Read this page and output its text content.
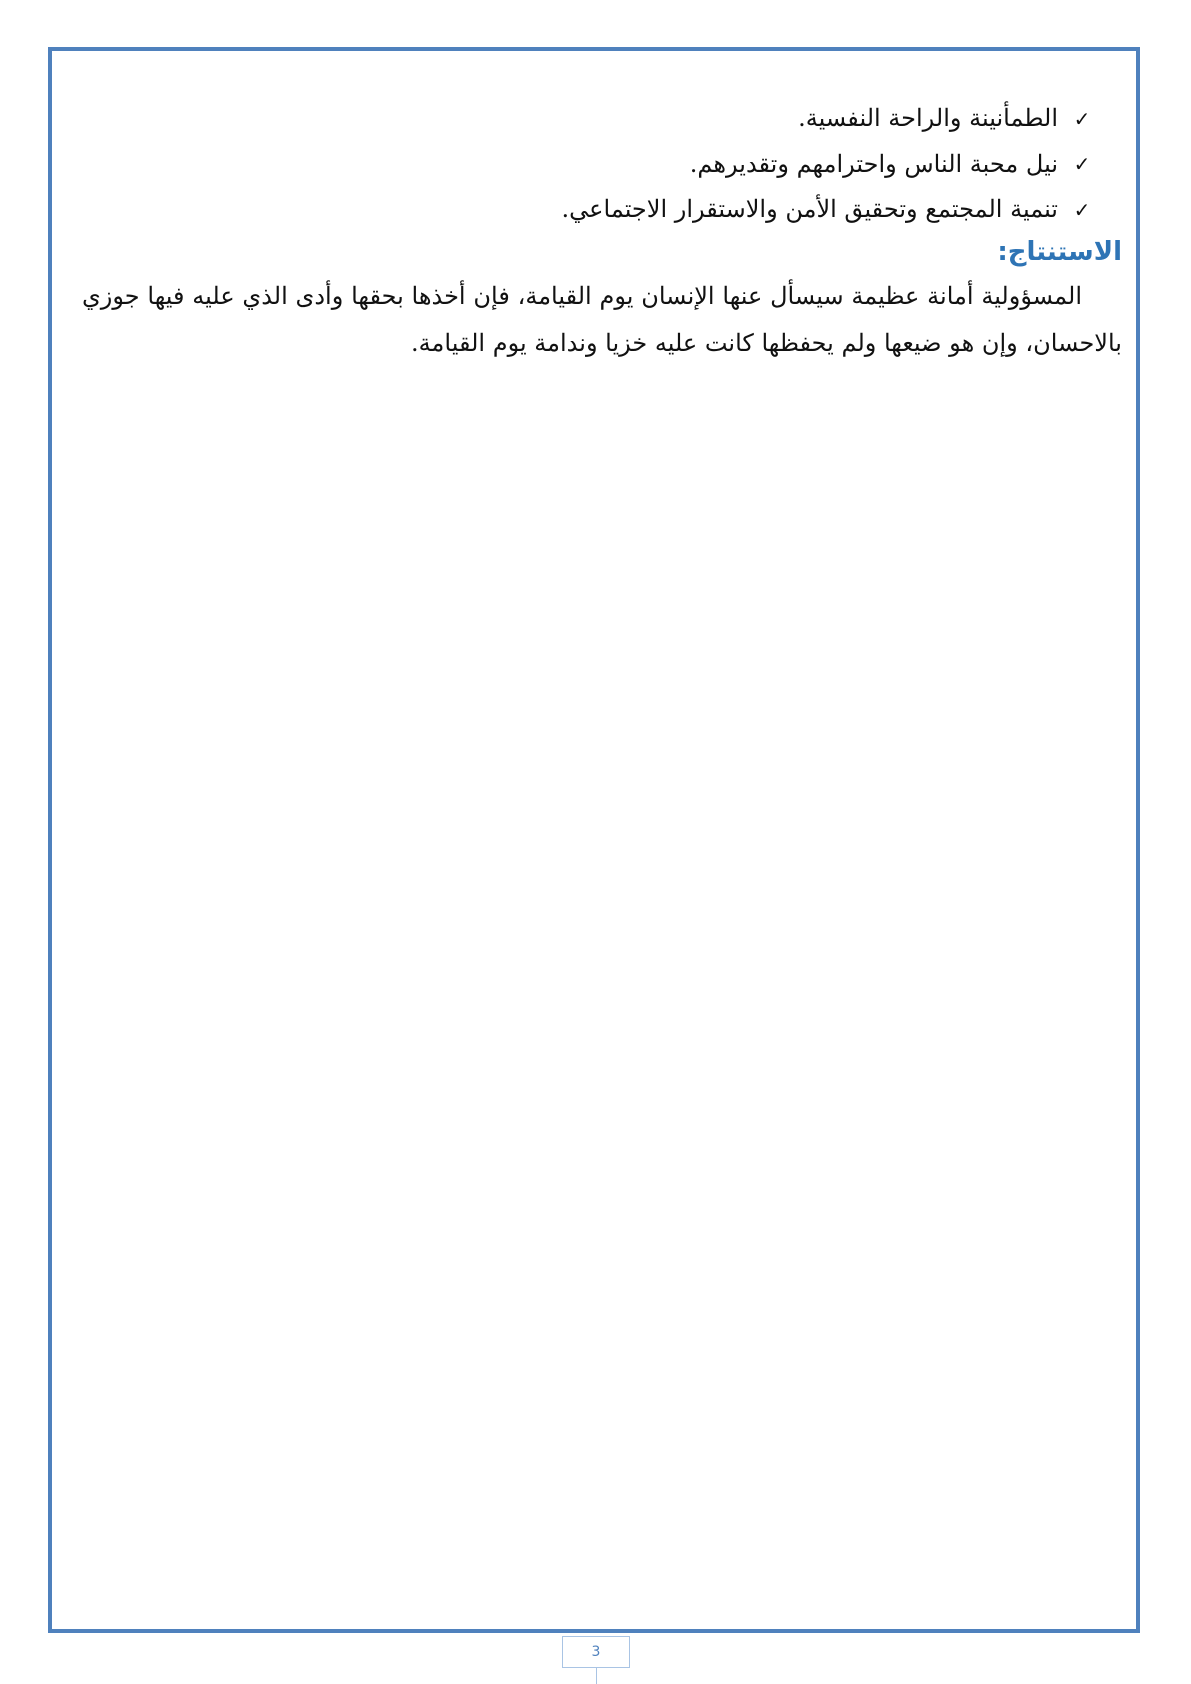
✓
الطمأنينة والراحة النفسية.
✓
نيل محبة الناس واحترامهم وتقديرهم.
✓
تنمية المجتمع وتحقيق الأمن والاستقرار الاجتماعي.
الاستنتاج:

المسؤولية أمانة عظيمة سيسأل عنها الإنسان يوم القيامة، فإن أخذها بحقها وأدى الذي عليه فيها جوزي بالاحسان، وإن هو ضيعها ولم يحفظها كانت عليه خزيا وندامة يوم القيامة.

3
